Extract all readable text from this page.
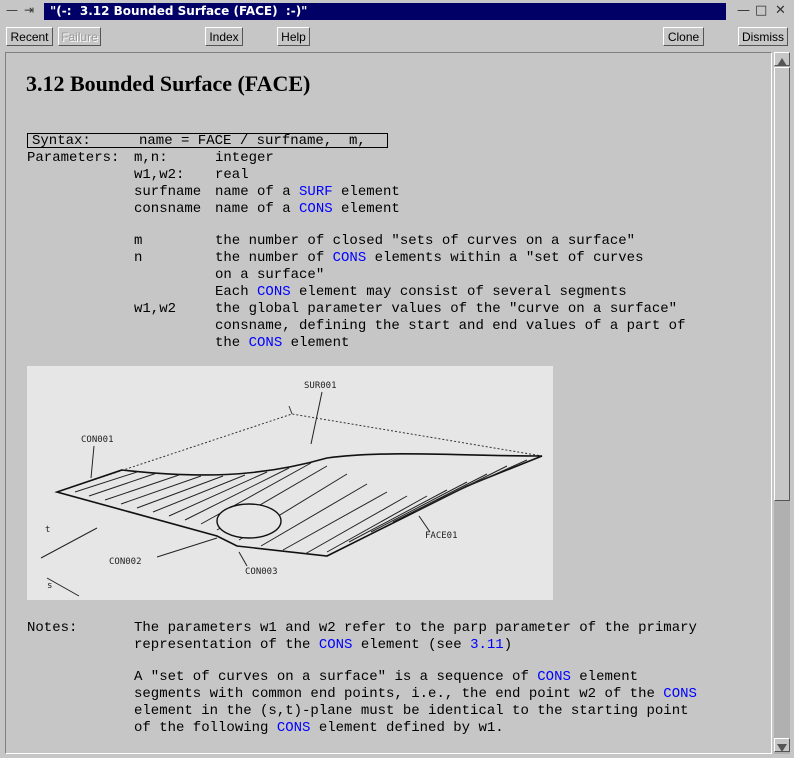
— ⇥	"(-:  3.12 Bounded Surface (FACE)  :-)"	— □ ✕
Recent	Failure	Index	Help	Clone	Dismiss
3.12 Bounded Surface (FACE)
Syntax:	name = FACE / surfname,  m,
Parameters: m,n:	integer
w1,w2: real
surfname name of a SURF element
consname name of a CONS element
m	the number of closed "sets of curves on a surface"
n	the number of CONS elements within a "set of curves
on a surface"
Each CONS element may consist of several segments
w1,w2	the global parameter values of the "curve on a surface"
consname, defining the start and end values of a part of
the CONS element
SUR001
CON001
FACE01
CON002
CON003
t
s
Notes:	The parameters w1 and w2 refer to the parp parameter of the primary
representation of the CONS element (see 3.11)
A "set of curves on a surface" is a sequence of CONS element
segments with common end points, i.e., the end point w2 of the CONS
element in the (s,t)-plane must be identical to the starting point
of the following CONS element defined by w1.
